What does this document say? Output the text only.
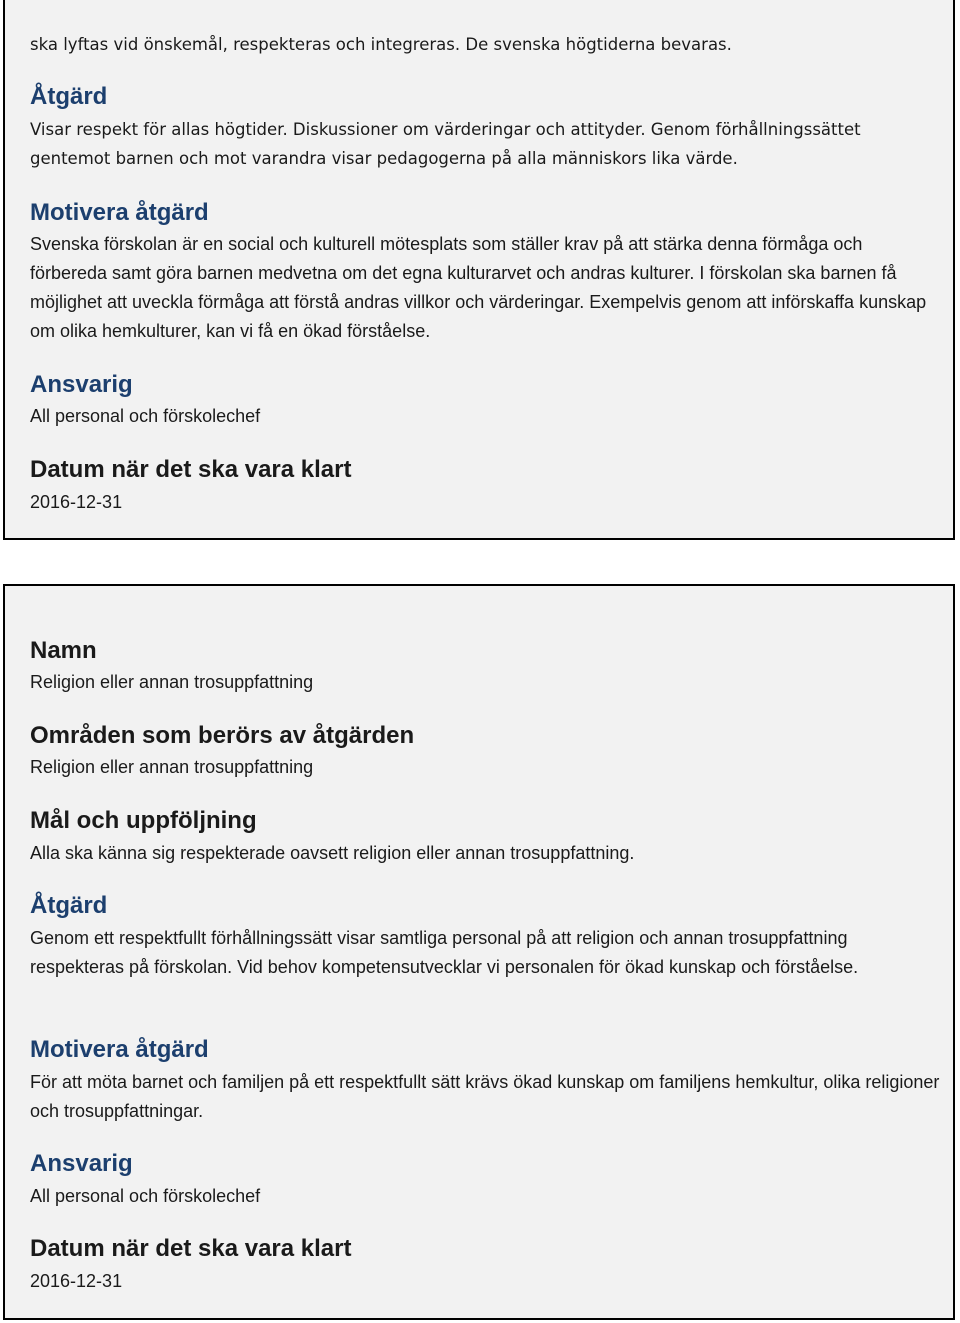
ska lyftas vid önskemål, respekteras och integreras. De svenska högtiderna bevaras.

Åtgärd

Visar respekt för allas högtider. Diskussioner om värderingar och attityder. Genom förhållningssättet gentemot barnen och mot varandra visar pedagogerna på alla människors lika värde.

Motivera åtgärd

Svenska förskolan är en social och kulturell mötesplats som ställer krav på att stärka denna förmåga och förbereda samt göra barnen medvetna om det egna kulturarvet och andras kulturer. I förskolan ska barnen få möjlighet att uveckla förmåga att förstå andras villkor och värderingar. Exempelvis genom att införskaffa kunskap om olika hemkulturer, kan vi få en ökad förståelse.

Ansvarig

All personal och förskolechef

Datum när det ska vara klart

2016-12-31

Namn

Religion eller annan trosuppfattning

Områden som berörs av åtgärden

Religion eller annan trosuppfattning

Mål och uppföljning

Alla ska känna sig respekterade oavsett religion eller annan trosuppfattning.

Åtgärd

Genom ett respektfullt förhållningssätt visar samtliga personal på att religion och annan trosuppfattning respekteras på förskolan. Vid behov kompetensutvecklar vi personalen för ökad kunskap och förståelse.

Motivera åtgärd

För att möta barnet och familjen på ett respektfullt sätt krävs ökad kunskap om familjens hemkultur, olika religioner och trosuppfattningar.

Ansvarig

All personal och förskolechef

Datum när det ska vara klart

2016-12-31
